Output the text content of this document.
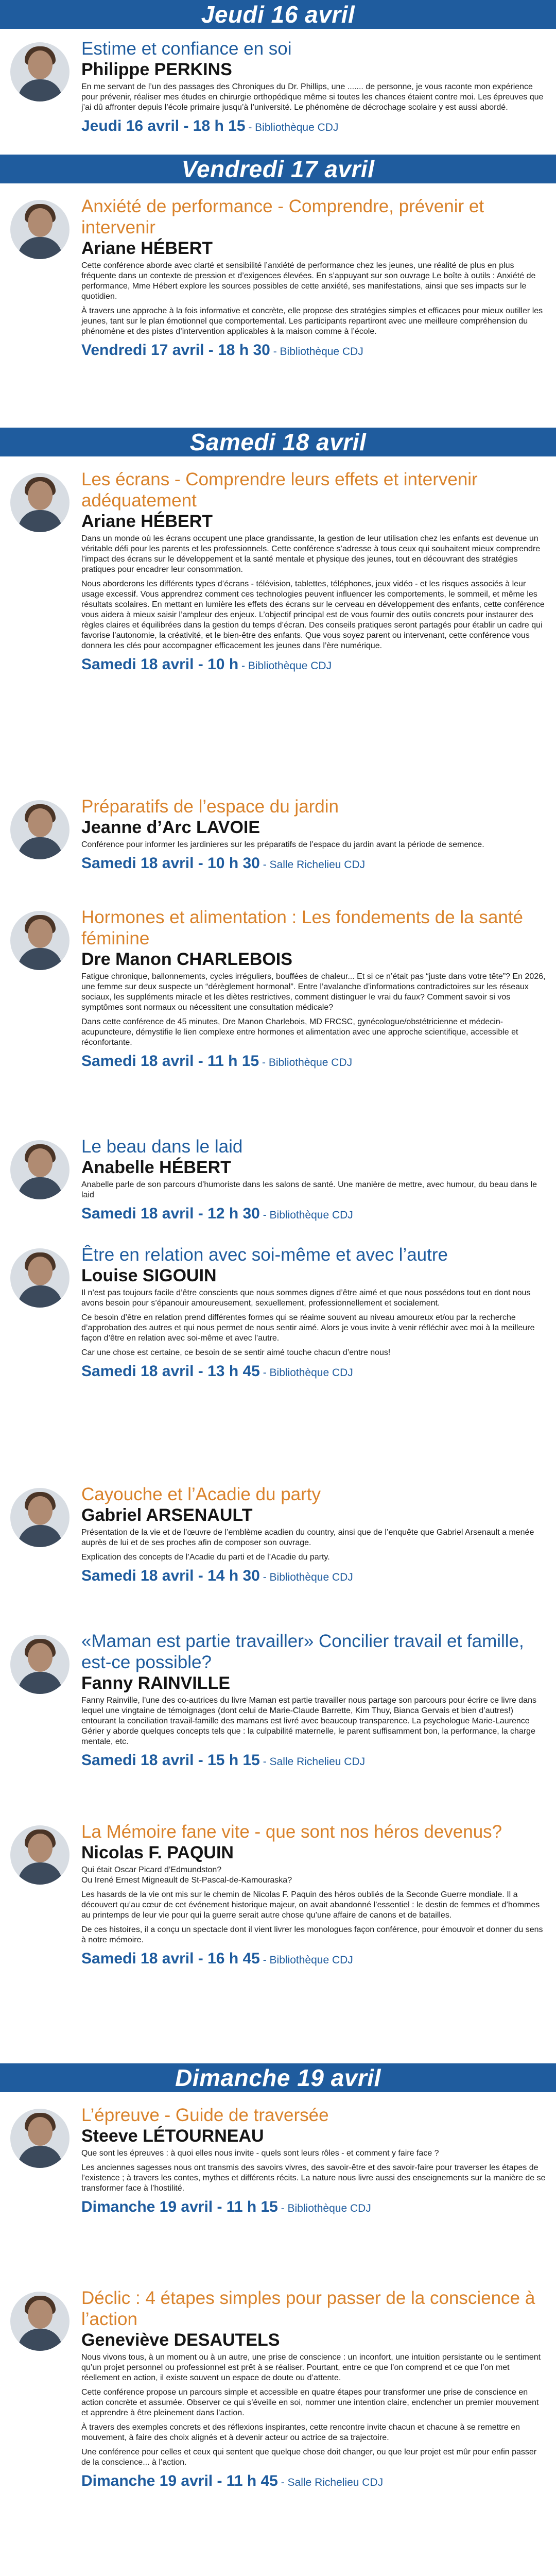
Jeudi 16 avril
Estime et confiance en soi
Philippe PERKINS

En me servant de l’un des passages des Chroniques du Dr. Phillips, une ....... de personne, je vous raconte mon expérience pour prévenir, réaliser mes études en chirurgie orthopédique même si toutes les chances étaient contre moi. Les épreuves que j’ai dû affronter depuis l’école primaire jusqu’à l’université. Le phénomène de décrochage scolaire y est aussi abordé.

Jeudi 16 avril - 18 h 15 - Bibliothèque CDJ
Vendredi 17 avril
Anxiété de performance - Comprendre, prévenir et intervenir
Ariane HÉBERT

Cette conférence aborde avec clarté et sensibilité l’anxiété de performance chez les jeunes, une réalité de plus en plus fréquente dans un contexte de pression et d’exigences élevées. En s’appuyant sur son ouvrage Le boîte à outils : Anxiété de performance, Mme Hébert explore les sources possibles de cette anxiété, ses manifestations, ainsi que ses impacts sur le quotidien.

À travers une approche à la fois informative et concrète, elle propose des stratégies simples et efficaces pour mieux outiller les jeunes, tant sur le plan émotionnel que comportemental. Les participants repartiront avec une meilleure compréhension du phénomène et des pistes d’intervention applicables à la maison comme à l’école.

Vendredi 17 avril - 18 h 30 - Bibliothèque CDJ
Samedi 18 avril
Les écrans - Comprendre leurs effets et intervenir adéquatement
Ariane HÉBERT

Dans un monde où les écrans occupent une place grandissante, la gestion de leur utilisation chez les enfants est devenue un véritable défi pour les parents et les professionnels. Cette conférence s’adresse à tous ceux qui souhaitent mieux comprendre l’impact des écrans sur le développement et la santé mentale et physique des jeunes, tout en découvrant des stratégies pratiques pour encadrer leur consommation.

Nous aborderons les différents types d’écrans - télévision, tablettes, téléphones, jeux vidéo - et les risques associés à leur usage excessif. Vous apprendrez comment ces technologies peuvent influencer les comportements, le sommeil, et même les résultats scolaires. En mettant en lumière les effets des écrans sur le cerveau en développement des enfants, cette conférence vous aidera à mieux saisir l’ampleur des enjeux. L’objectif principal est de vous fournir des outils concrets pour instaurer des règles claires et équilibrées dans la gestion du temps d’écran. Des conseils pratiques seront partagés pour établir un cadre qui favorise l’autonomie, la créativité, et le bien-être des enfants. Que vous soyez parent ou intervenant, cette conférence vous donnera les clés pour accompagner efficacement les jeunes dans l’ère numérique.

Samedi 18 avril - 10 h - Bibliothèque CDJ
Préparatifs de l’espace du jardin
Jeanne d’Arc LAVOIE

Conférence pour informer les jardinieres sur les préparatifs de l’espace du jardin avant la période de semence.

Samedi 18 avril - 10 h 30 - Salle Richelieu CDJ
Hormones et alimentation : Les fondements de la santé féminine
Dre Manon CHARLEBOIS

Fatigue chronique, ballonnements, cycles irréguliers, bouffées de chaleur... Et si ce n’était pas “juste dans votre tête”? En 2026, une femme sur deux suspecte un “dérèglement hormonal”. Entre l’avalanche d’informations contradictoires sur les réseaux sociaux, les suppléments miracle et les diètes restrictives, comment distinguer le vrai du faux? Comment savoir si vos symptômes sont normaux ou nécessitent une consultation médicale?

Dans cette conférence de 45 minutes, Dre Manon Charlebois, MD FRCSC, gynécologue/obstétricienne et médecin-acupuncteure, démystifie le lien complexe entre hormones et alimentation avec une approche scientifique, accessible et réconfortante.

Samedi 18 avril - 11 h 15 - Bibliothèque CDJ
Le beau dans le laid
Anabelle HÉBERT

Anabelle parle de son parcours d’humoriste dans les salons de santé. Une manière de mettre, avec humour, du beau dans le laid

Samedi 18 avril - 12 h 30 - Bibliothèque CDJ
Être en relation avec soi-même et avec l’autre
Louise SIGOUIN

Il n’est pas toujours facile d’être conscients que nous sommes dignes d’être aimé et que nous possédons tout en dont nous avons besoin pour s’épanouir amoureusement, sexuellement, professionnellement et socialement.

Ce besoin d’être en relation prend différentes formes qui se réaime souvent au niveau amoureux et/ou par la recherche d’approbation des autres et qui nous permet de nous sentir aimé. Alors je vous invite à venir réfléchir avec moi à la meilleure façon d’être en relation avec soi-même et avec l’autre.

Car une chose est certaine, ce besoin de se sentir aimé touche chacun d’entre nous!

Samedi 18 avril - 13 h 45 - Bibliothèque CDJ
Cayouche et l’Acadie du party
Gabriel ARSENAULT

Présentation de la vie et de l’œuvre de l’emblème acadien du country, ainsi que de l’enquête que Gabriel Arsenault a menée auprès de lui et de ses proches afin de composer son ouvrage.

Explication des concepts de l’Acadie du parti et de l’Acadie du party.

Samedi 18 avril - 14 h 30 - Bibliothèque CDJ
«Maman est partie travailler» Concilier travail et famille, est-ce possible?
Fanny RAINVILLE

Fanny Rainville, l’une des co-autrices du livre Maman est partie travailler nous partage son parcours pour écrire ce livre dans lequel une vingtaine de témoignages (dont celui de Marie-Claude Barrette, Kim Thuy, Bianca Gervais et bien d’autres!) entourant la conciliation travail-famille des mamans est livré avec beaucoup transparence. La psychologue Marie-Laurence Gérier y aborde quelques concepts tels que : la culpabilité maternelle, le parent suffisamment bon, la performance, la charge mentale, etc.

Samedi 18 avril - 15 h 15 - Salle Richelieu CDJ
La Mémoire fane vite - que sont nos héros devenus?
Nicolas F. PAQUIN

Qui était Oscar Picard d’Edmundston?

Ou Irené Ernest Migneault de St-Pascal-de-Kamouraska?

Les hasards de la vie ont mis sur le chemin de Nicolas F. Paquin des héros oubliés de la Seconde Guerre mondiale. Il a découvert qu’au cœur de cet événement historique majeur, on avait abandonné l’essentiel : le destin de femmes et d’hommes au printemps de leur vie pour qui la guerre serait autre chose qu’une affaire de canons et de batailles.

De ces histoires, il a conçu un spectacle dont il vient livrer les monologues façon conférence, pour émouvoir et donner du sens à notre mémoire.

Samedi 18 avril - 16 h 45 - Bibliothèque CDJ
Dimanche 19 avril
L’épreuve - Guide de traversée
Steeve LÉTOURNEAU

Que sont les épreuves : à quoi elles nous invite - quels sont leurs rôles - et comment y faire face ?

Les anciennes sagesses nous ont transmis des savoirs vivres, des savoir-être et des savoir-faire pour traverser les étapes de l’existence ; à travers les contes, mythes et différents récits. La nature nous livre aussi des enseignements sur la manière de se transformer face à l’hostilité.

Dimanche 19 avril - 11 h 15 - Bibliothèque CDJ
Déclic : 4 étapes simples pour passer de la conscience à l’action
Geneviève DESAUTELS

Nous vivons tous, à un moment ou à un autre, une prise de conscience : un inconfort, une intuition persistante ou le sentiment qu’un projet personnel ou professionnel est prêt à se réaliser. Pourtant, entre ce que l’on comprend et ce que l’on met réellement en action, il existe souvent un espace de doute ou d’attente.

Cette conférence propose un parcours simple et accessible en quatre étapes pour transformer une prise de conscience en action concrète et assumée. Observer ce qui s’éveille en soi, nommer une intention claire, enclencher un premier mouvement et apprendre à être pleinement dans l’action.

À travers des exemples concrets et des réflexions inspirantes, cette rencontre invite chacun et chacune à se remettre en mouvement, à faire des choix alignés et à devenir acteur ou actrice de sa trajectoire.

Une conférence pour celles et ceux qui sentent que quelque chose doit changer, ou que leur projet est mûr pour enfin passer de la conscience... à l’action.

Dimanche 19 avril - 11 h 45 - Salle Richelieu CDJ
